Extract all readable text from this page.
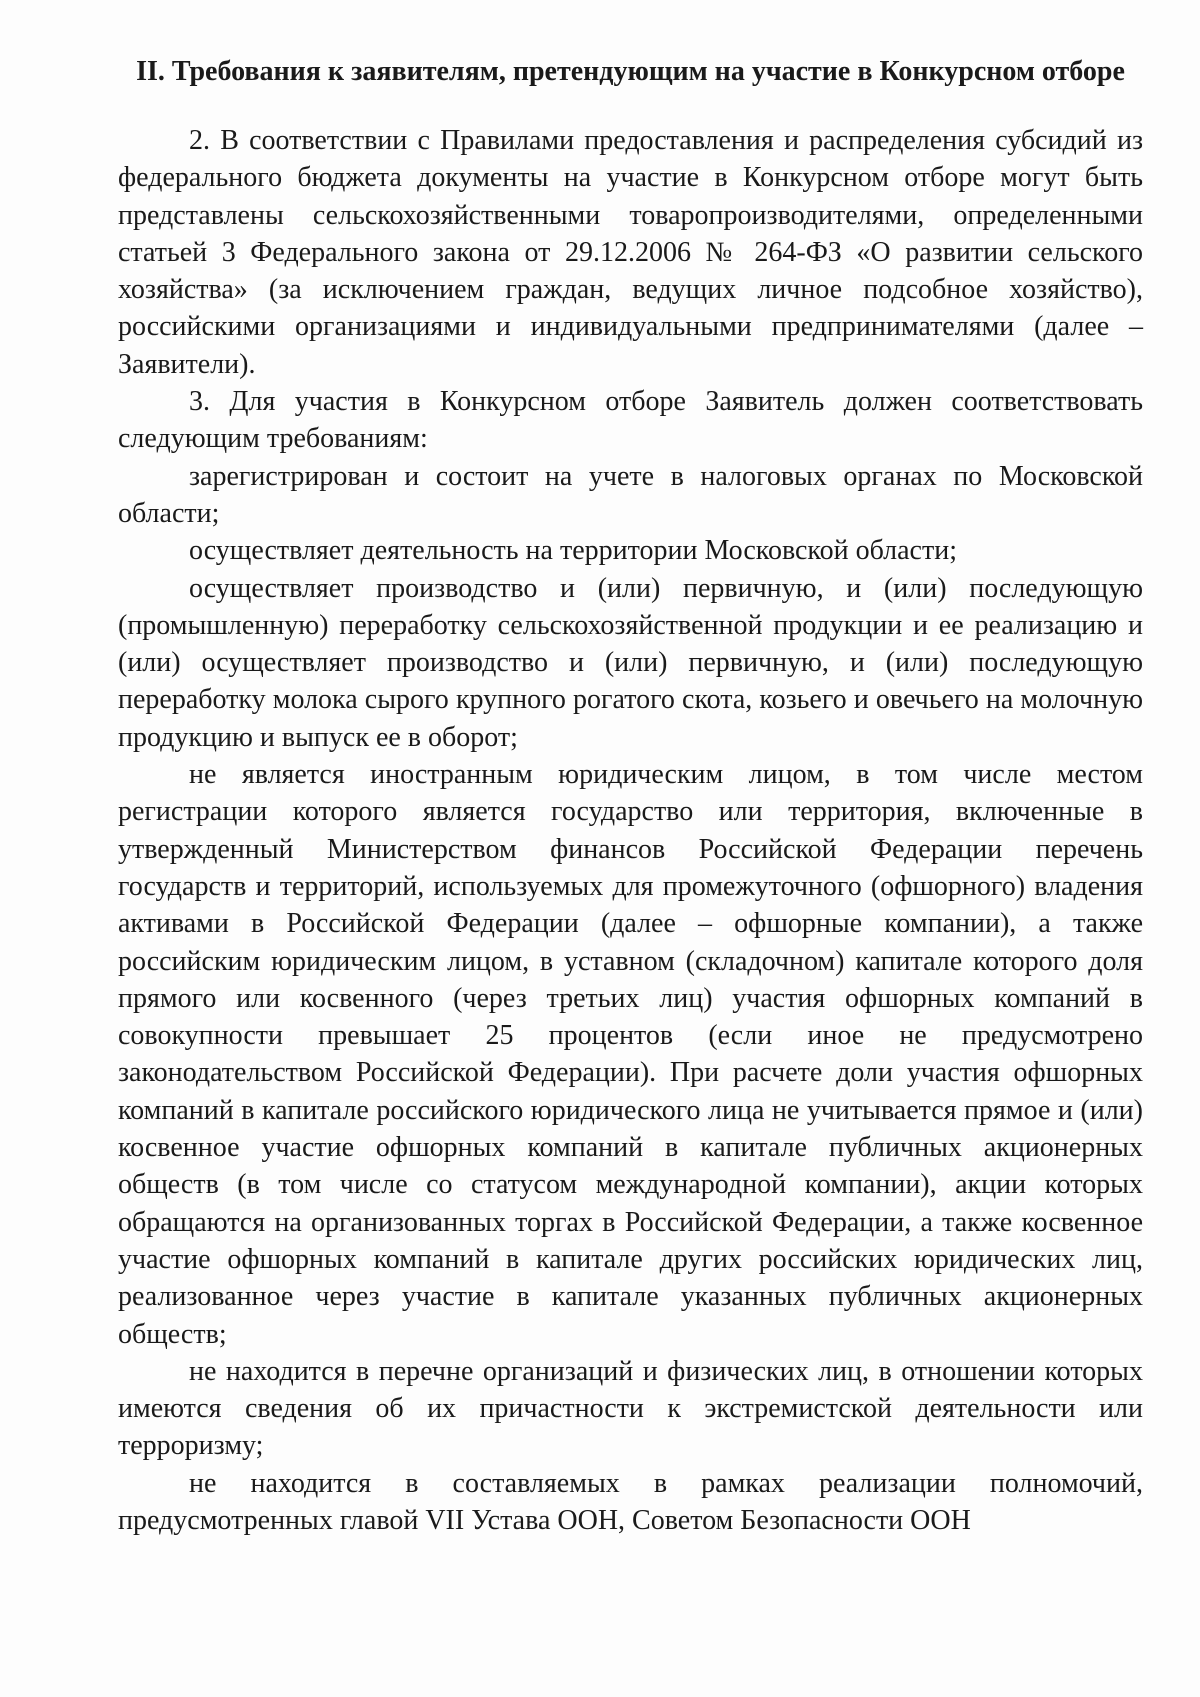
II. Требования к заявителям, претендующим на участие в Конкурсном отборе

2. В соответствии с Правилами предоставления и распределения субсидий из федерального бюджета документы на участие в Конкурсном отборе могут быть представлены сельскохозяйственными товаропроизводителями, определенными статьей 3 Федерального закона от 29.12.2006 № 264-ФЗ «О развитии сельского хозяйства» (за исключением граждан, ведущих личное подсобное хозяйство), российскими организациями и индивидуальными предпринимателями (далее – Заявители).

3. Для участия в Конкурсном отборе Заявитель должен соответствовать следующим требованиям:

зарегистрирован и состоит на учете в налоговых органах по Московской области;

осуществляет деятельность на территории Московской области;

осуществляет производство и (или) первичную, и (или) последующую (промышленную) переработку сельскохозяйственной продукции и ее реализацию и (или) осуществляет производство и (или) первичную, и (или) последующую переработку молока сырого крупного рогатого скота, козьего и овечьего на молочную продукцию и выпуск ее в оборот;

не является иностранным юридическим лицом, в том числе местом регистрации которого является государство или территория, включенные в утвержденный Министерством финансов Российской Федерации перечень государств и территорий, используемых для промежуточного (офшорного) владения активами в Российской Федерации (далее – офшорные компании), а также российским юридическим лицом, в уставном (складочном) капитале которого доля прямого или косвенного (через третьих лиц) участия офшорных компаний в совокупности превышает 25 процентов (если иное не предусмотрено законодательством Российской Федерации). При расчете доли участия офшорных компаний в капитале российского юридического лица не учитывается прямое и (или) косвенное участие офшорных компаний в капитале публичных акционерных обществ (в том числе со статусом международной компании), акции которых обращаются на организованных торгах в Российской Федерации, а также косвенное участие офшорных компаний в капитале других российских юридических лиц, реализованное через участие в капитале указанных публичных акционерных обществ;

не находится в перечне организаций и физических лиц, в отношении которых имеются сведения об их причастности к экстремистской деятельности или терроризму;

не находится в составляемых в рамках реализации полномочий, предусмотренных главой VII Устава ООН, Советом Безопасности ООН
